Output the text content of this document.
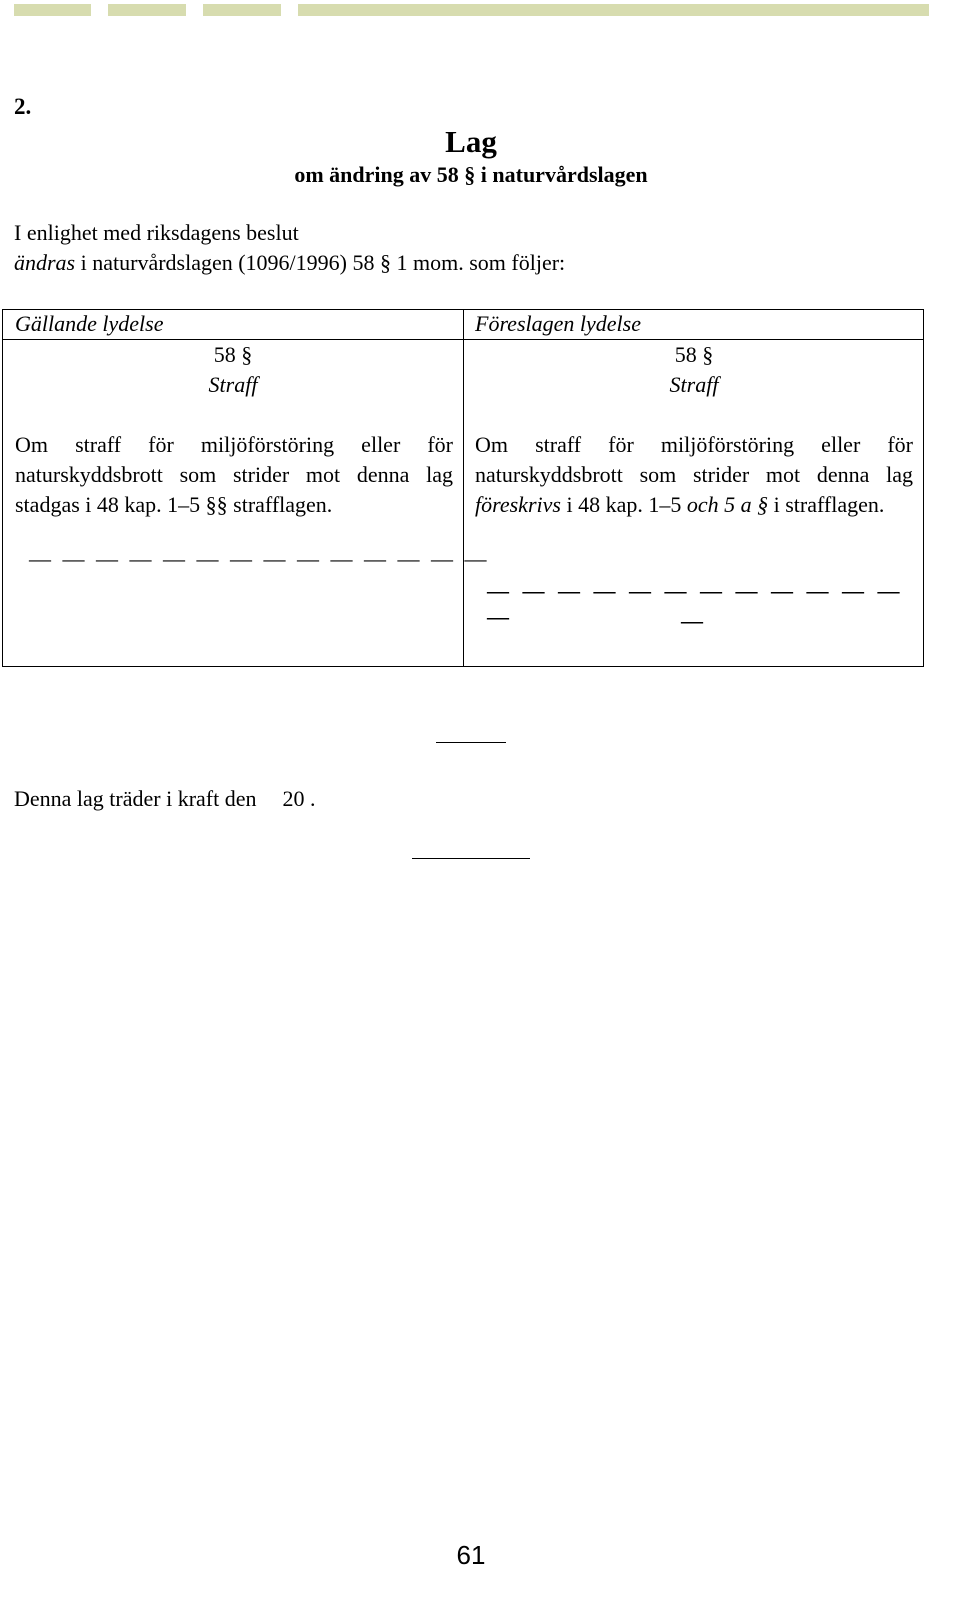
2.
Lag
om ändring av 58 § i naturvårdslagen
I enlighet med riksdagens beslut
ändras i naturvårdslagen (1096/1996) 58 § 1 mom. som följer:
Gällande lydelse
58 §
Straff
Om straff för miljöförstöring eller för naturskyddsbrott som strider mot denna lag stadgas i 48 kap. 1–5 §§ strafflagen.
— — — — — — — — — — — — — —
Föreslagen lydelse
58 §
Straff
Om straff för miljöförstöring eller för naturskyddsbrott som strider mot denna lag föreskrivs i 48 kap. 1–5 och 5 a § i strafflagen.
— — — — — — — — — — — — —	—
Denna lag träder i kraft den 20 .
61
